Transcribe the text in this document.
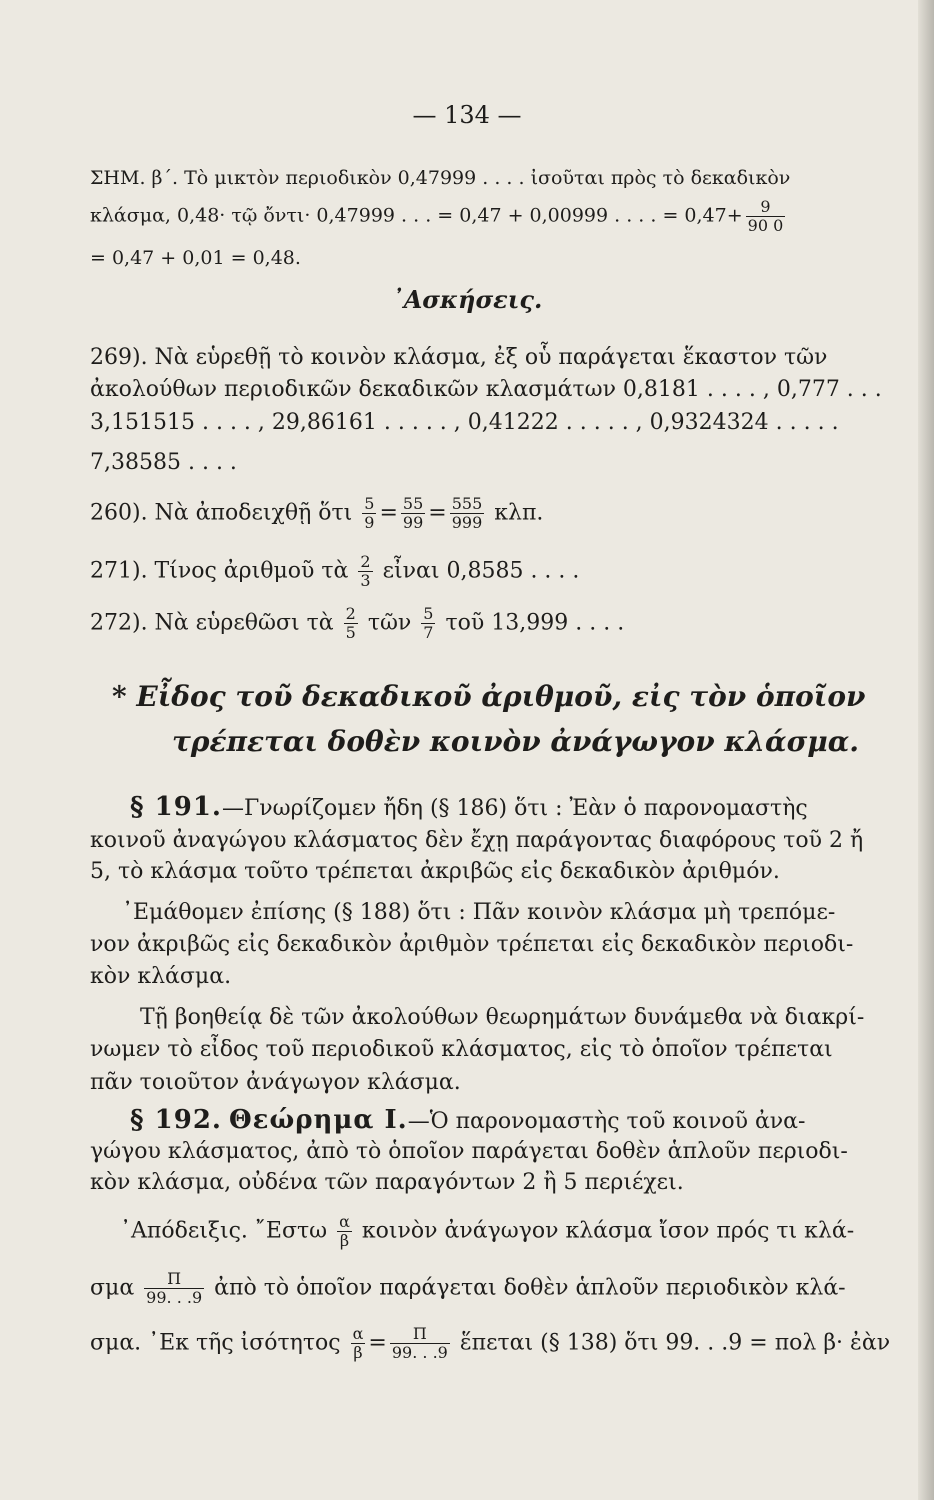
— 134 —
ΣΗΜ. β΄. Τὸ μικτὸν περιοδικὸν 0,47999 . . . . ἰσοῦται πρὸς τὸ δεκαδικὸν
κλάσμα, 0,48· τῷ ὄντι· 0,47999 . . . = 0,47 + 0,00999 . . . . = $0,47+ \frac{9}{90 0}$
= 0,47 + 0,01 = 0,48.
᾿Ασκήσεις.
269). Νὰ εὑρεθῇ τὸ κοινὸν κλάσμα, ἐξ οὗ παράγεται ἕκαστον τῶν
ἀκολούθων περιοδικῶν δεκαδικῶν κλασμάτων 0,8181 . . . . , 0,777 . . .
3,151515 . . . . , 29,86161 . . . . . , 0,41222 . . . . . , 0,9324324 . . . . .
7,38585 . . . .
260). Νὰ ἀποδειχθῇ ὅτι $\frac{5}{9} = \frac{55}{99} = \frac{555}{999} \kappa\lambda\pi$.
271). Τίνος ἀριθμοῦ τὰ $\frac{2}{3}$ εἶναι 0,8585 . . . .
272). Νὰ εὑρεθῶσι τὰ $\frac{2}{5}$ τῶν $\frac{5}{7}$ τοῦ 13,999 . . . .
* Εἶδος τοῦ δεκαδικοῦ ἀριθμοῦ, εἰς τὸν ὁποῖον
τρέπεται δοθὲν κοινὸν ἀνάγωγον κλάσμα.
§ 191.—Γνωρίζομεν ἤδη (§ 186) ὅτι : Ἐὰν ὁ παρονομαστὴς
κοινοῦ ἀναγώγου κλάσματος δὲν ἔχῃ παράγοντας διαφόρους τοῦ 2 ἤ
5, τὸ κλάσμα τοῦτο τρέπεται ἀκριβῶς εἰς δεκαδικὸν ἀριθμόν.
᾿Εμάθομεν ἐπίσης (§ 188) ὅτι : Πᾶν κοινὸν κλάσμα μὴ τρεπόμε-
νον ἀκριβῶς εἰς δεκαδικὸν ἀριθμὸν τρέπεται εἰς δεκαδικὸν περιοδι-
κὸν κλάσμα.
Τῇ βοηθείᾳ δὲ τῶν ἀκολούθων θεωρημάτων δυνάμεθα νὰ διακρί-
νωμεν τὸ εἶδος τοῦ περιοδικοῦ κλάσματος, εἰς τὸ ὁποῖον τρέπεται
πᾶν τοιοῦτον ἀνάγωγον κλάσμα.
§ 192. Θεώρημα Ι.—Ὁ παρονομαστὴς τοῦ κοινοῦ ἀνα-
γώγου κλάσματος, ἀπὸ τὸ ὁποῖον παράγεται δοθὲν ἁπλοῦν περιοδι-
κὸν κλάσμα, οὐδένα τῶν παραγόντων 2 ἢ 5 περιέχει.
᾿Απόδειξις. ῎Εστω $\frac{\alpha}{\beta}$ κοινὸν ἀνάγωγον κλάσμα ἴσον πρός τι κλά-
σμα $\frac{\Pi}{99. . .9}$ ἀπὸ τὸ ὁποῖον παράγεται δοθὲν ἁπλοῦν περιοδικὸν κλά-
σμα. ᾿Εκ τῆς ἰσότητος $\frac{\alpha}{\beta} = \frac{\Pi}{99. . .9}$ ἕπεται (§ 138) ὅτι 99. . .9 = πολ β· ἐὰν
